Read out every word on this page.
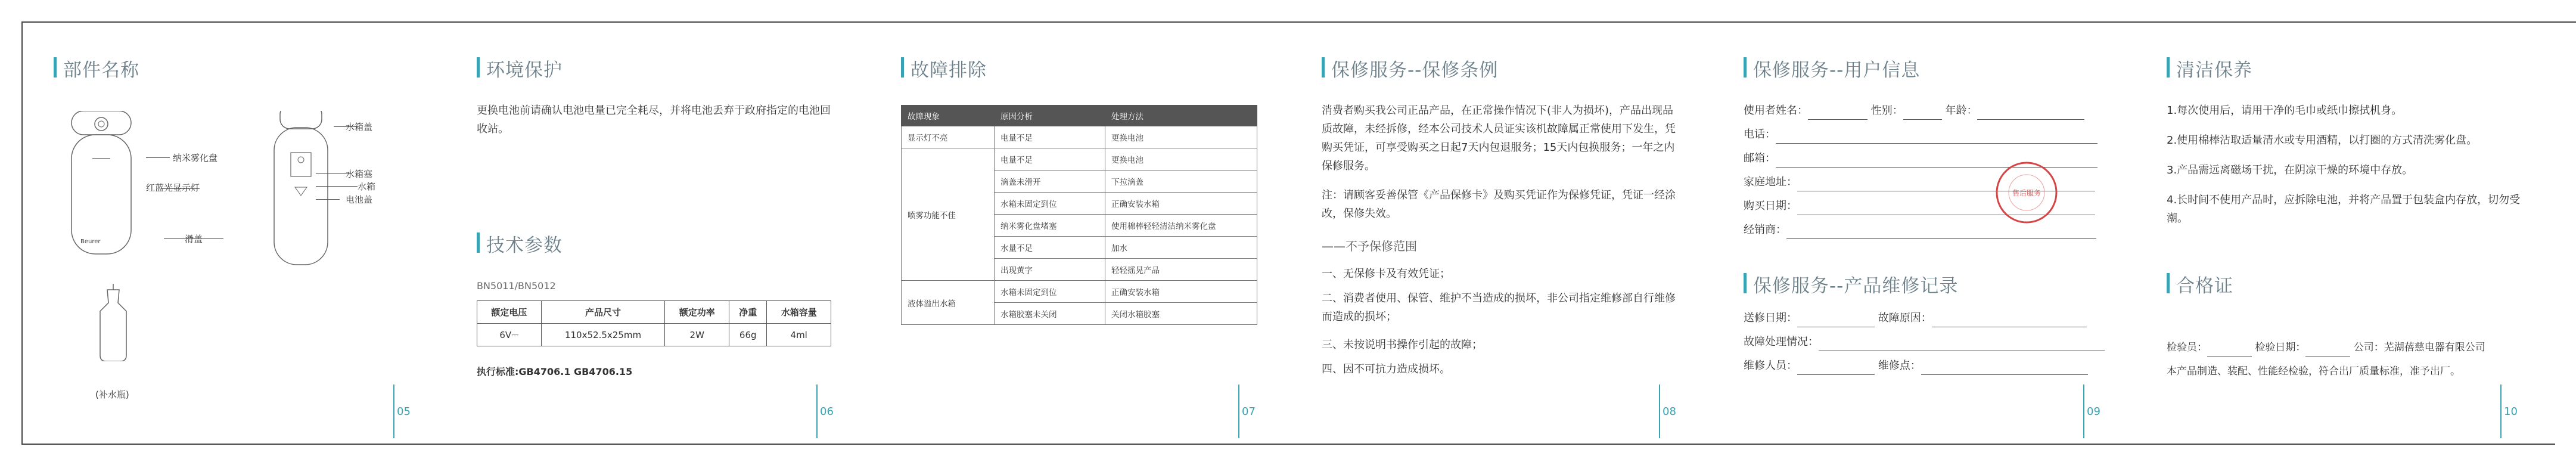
部件名称
Beurer
纳米雾化盘
红蓝光显示灯
滑盖
水箱盖
水箱塞
水箱
电池盖
(补水瓶)
05
环境保护
更换电池前请确认电池电量已完全耗尽，并将电池丢弃于政府指定的电池回收站。
技术参数
BN5011/BN5012
额定电压	产品尺寸	额定功率	净重	水箱容量
6V⎓	110x52.5x25mm	2W	66g	4ml
执行标准:GB4706.1 GB4706.15
06
故障排除
故障现象	原因分析	处理方法
显示灯不亮	电量不足	更换电池
喷雾功能不佳	电量不足	更换电池
	滴盖未滑开	下拉滴盖
	水箱未固定到位	正确安装水箱
	纳米雾化盘堵塞	使用棉棒轻轻清洁纳米雾化盘
	水量不足	加水
	出现黄字	轻轻摇晃产品
液体溢出水箱	水箱未固定到位	正确安装水箱
	水箱胶塞未关闭	关闭水箱胶塞
07
保修服务--保修条例
消费者购买我公司正品产品，在正常操作情况下(非人为损坏)，产品出现品质故障，未经拆修，经本公司技术人员证实该机故障属正常使用下发生，凭购买凭证，可享受购买之日起7天内包退服务；15天内包换服务；一年之内保修服务。
注：请顾客妥善保管《产品保修卡》及购买凭证作为保修凭证，凭证一经涂改，保修失效。
——不予保修范围
一、无保修卡及有效凭证；
二、消费者使用、保管、维护不当造成的损坏，非公司指定维修部自行维修而造成的损坏；
三、未按说明书操作引起的故障；
四、因不可抗力造成损坏。
08
保修服务--用户信息
使用者姓名：	性别：	年龄：
电话：
邮箱：
家庭地址：
购买日期：
经销商：
售后服务
保修服务--产品维修记录
送修日期：	故障原因：
故障处理情况：
维修人员：	维修点：
09
清洁保养
1.每次使用后，请用干净的毛巾或纸巾擦拭机身。
2.使用棉棒沾取适量清水或专用酒精，以打圈的方式清洗雾化盘。
3.产品需远离磁场干扰，在阴凉干燥的环境中存放。
4.长时间不使用产品时，应拆除电池，并将产品置于包装盒内存放，切勿受潮。
合格证
检验员：	检验日期：	公司：芜湖蓓慈电器有限公司
本产品制造、装配、性能经检验，符合出厂质量标准，准予出厂。
10
